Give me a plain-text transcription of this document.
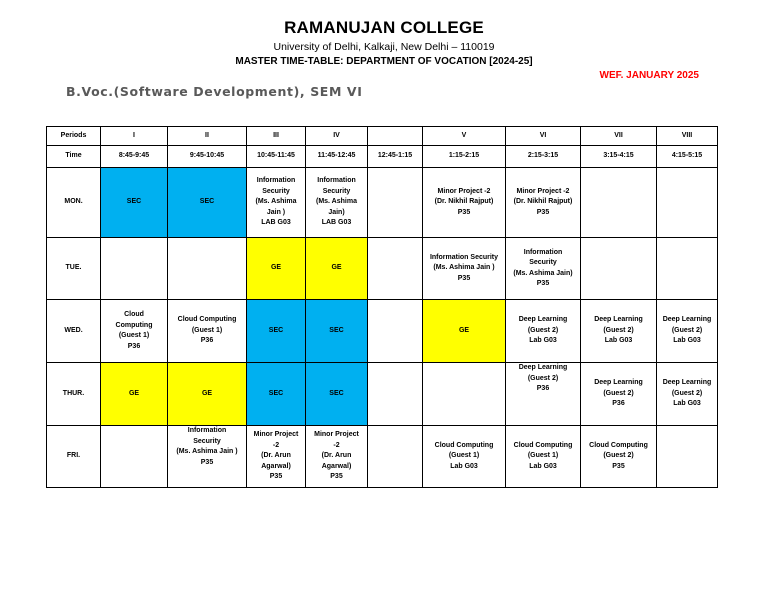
RAMANUJAN COLLEGE
University of Delhi, Kalkaji, New Delhi – 110019
MASTER TIME-TABLE: DEPARTMENT OF VOCATION [2024-25]
WEF. JANUARY 2025
B.Voc.(Software Development), SEM VI
Periods	I	II	III	IV		V	VI	VII	VIII
Time	8:45-9:45	9:45-10:45	10:45-11:45	11:45-12:45	12:45-1:15	1:15-2:15	2:15-3:15	3:15-4:15	4:15-5:15
MON.	SEC	SEC	Information
Security
(Ms. Ashima
Jain )
LAB G03	Information
Security
(Ms. Ashima
Jain)
LAB G03		Minor Project -2
(Dr. Nikhil Rajput)
P35	Minor Project -2
(Dr. Nikhil Rajput)
P35		

TUE.			GE	GE		Information Security
(Ms. Ashima Jain )
P35	Information
Security
(Ms. Ashima Jain)
P35		

WED.	Cloud
Computing
(Guest 1)
P36	Cloud Computing
(Guest 1)
P36	SEC	SEC		GE	Deep Learning
(Guest 2)
Lab G03	Deep Learning
(Guest 2)
Lab G03	Deep Learning
(Guest 2)
Lab G03

THUR.	GE	GE	SEC	SEC			Deep Learning
(Guest 2)
P36	Deep Learning
(Guest 2)
P36	Deep Learning
(Guest 2)
Lab G03

FRI.		Information
Security
(Ms. Ashima Jain )
P35	Minor Project
-2
(Dr. Arun
Agarwal)
P35	Minor Project
-2
(Dr. Arun
Agarwal)
P35		Cloud Computing
(Guest 1)
Lab G03	Cloud Computing
(Guest 1)
Lab G03	Cloud Computing
(Guest 2)
P35	
